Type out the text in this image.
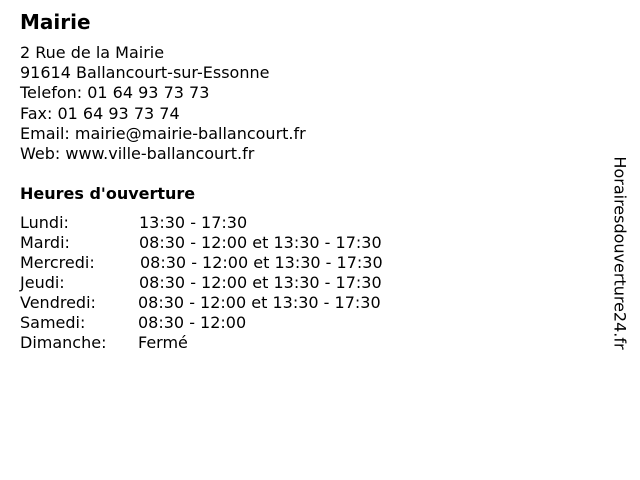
Mairie
2 Rue de la Mairie
91614 Ballancourt-sur-Essonne
Telefon: 01 64 93 73 73
Fax: 01 64 93 73 74
Email: mairie@mairie-ballancourt.fr
Web: www.ville-ballancourt.fr
Heures d'ouverture
Lundi:	13:30 - 17:30
Mardi:	08:30 - 12:00 et 13:30 - 17:30
Mercredi:	08:30 - 12:00 et 13:30 - 17:30
Jeudi:	08:30 - 12:00 et 13:30 - 17:30
Vendredi:	08:30 - 12:00 et 13:30 - 17:30
Samedi:	08:30 - 12:00
Dimanche: Fermé	Horairesdouverture24.fr
